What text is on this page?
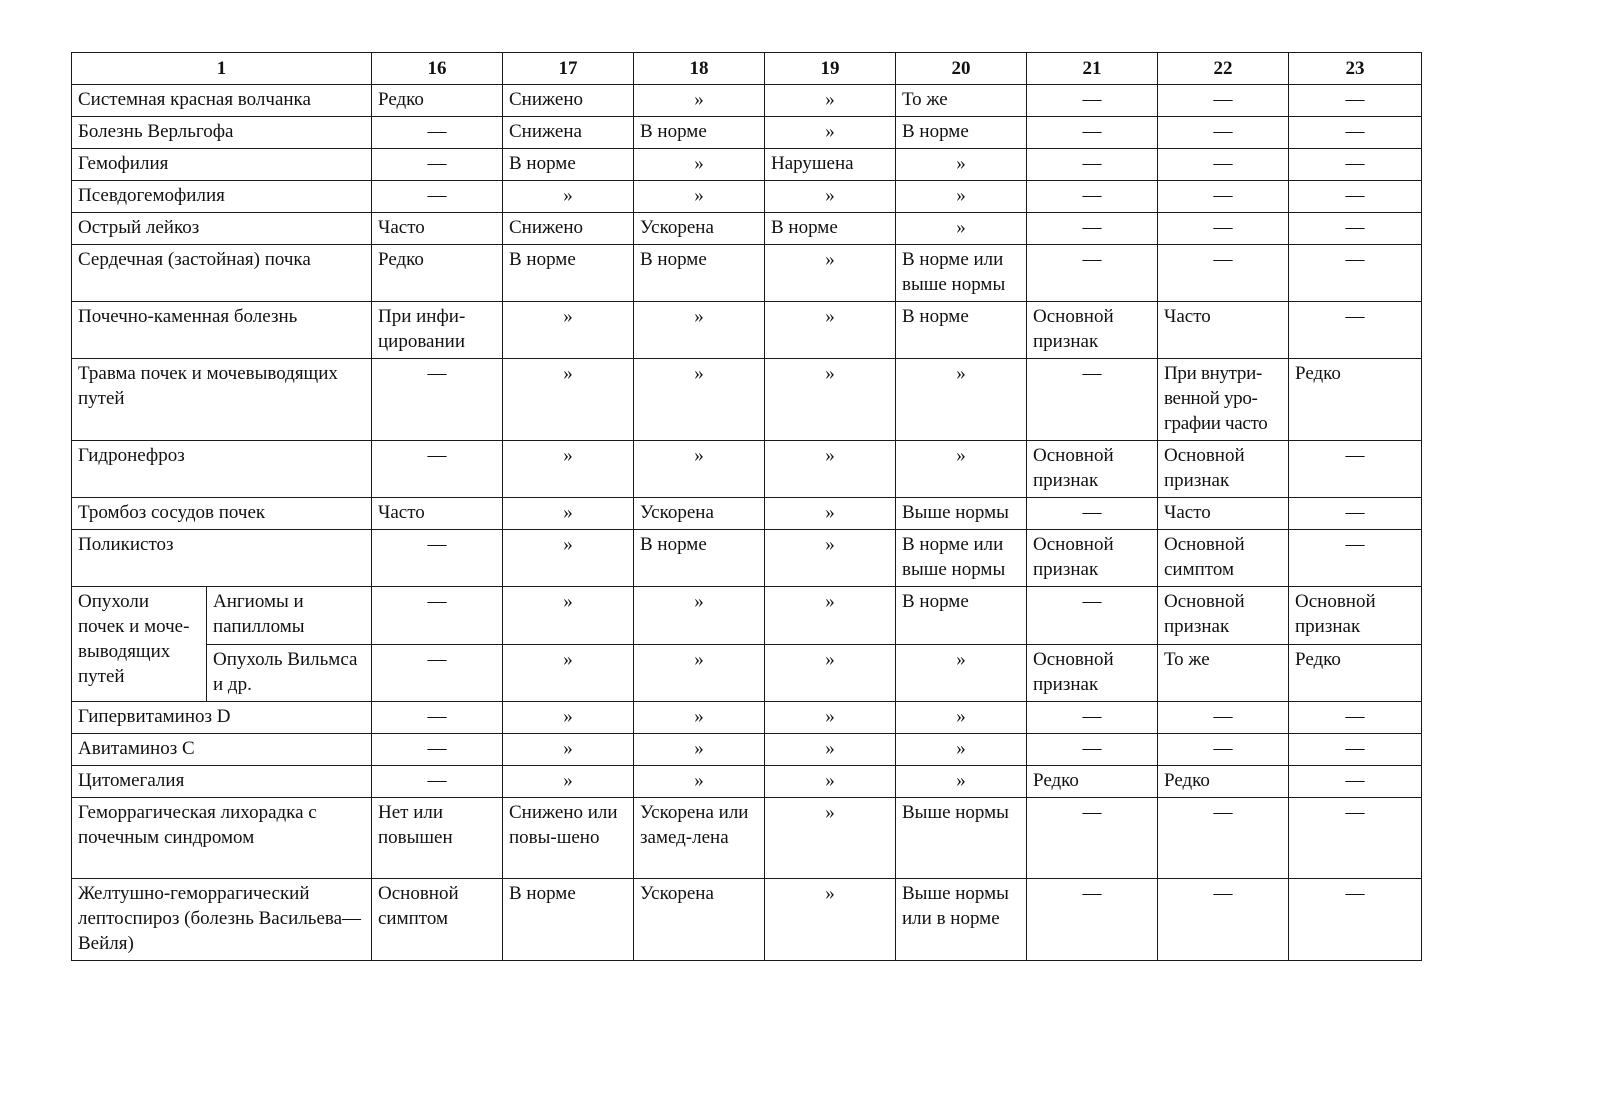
1		16	17	18	19	20	21	22	23
Системная красная волчанка		Редко	Снижено	»	»	То же	—	—	—
Болезнь Верльгофа		—	Снижена	В норме	»	В норме	—	—	—
Гемофилия		—	В норме	»	Нарушена	»	—	—	—
Псевдогемофилия		—	»	»	»	»	—	—	—
Острый лейкоз		Часто	Снижено	Ускорена	В норме	»	—	—	—
Сердечная (застойная) почка		Редко	В норме	В норме	»	В норме или выше нормы	—	—	—
Почечно-каменная болезнь		При инфи-цировании	»	»	»	В норме	Основной признак	Часто	—
Травма почек и мочевыводящих путей		—	»	»	»	»	—	При внутри-венной уро-графии часто	Редко
Гидронефроз		—	»	»	»	»	Основной признак	Основной признак	—
Тромбоз сосудов почек		Часто	»	Ускорена	»	Выше нормы	—	Часто	—
Поликистоз		—	»	В норме	»	В норме или выше нормы	Основной признак	Основной симптом	—
Опухоли почек и моче-выводящих путей	Ангиомы и папилломы	—	»	»	»	В норме	—	Основной признак	Основной признак
	Опухоль Вильмса и др.	—	»	»	»	»	Основной признак	То же	Редко
Гипервитаминоз D		—	»	»	»	»	—	—	—
Авитаминоз С		—	»	»	»	»	—	—	—
Цитомегалия		—	»	»	»	»	Редко	Редко	—
Геморрагическая лихорадка с почечным синдромом		Нет или повышен	Снижено или повы-шено	Ускорена или замед-лена	»	Выше нормы	—	—	—
Желтушно-геморрагический лептоспироз (болезнь Васильева—Вейля)		Основной симптом	В норме	Ускорена	»	Выше нормы или в норме	—	—	—
